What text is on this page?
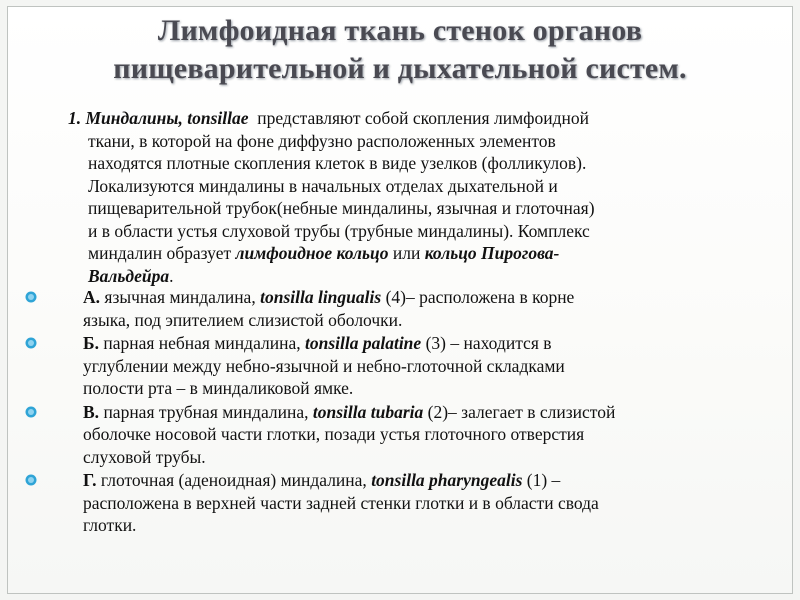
Лимфоидная ткань стенок органов
пищеварительной и дыхательной систем.
1. Миндалины, tonsillae  представляют собой скопления лимфоидной
ткани, в которой на фоне диффузно расположенных элементов
находятся плотные скопления клеток в виде узелков (фолликулов).
Локализуются миндалины в начальных отделах дыхательной и
пищеварительной трубок(небные миндалины, язычная и глоточная)
и в области устья слуховой трубы (трубные миндалины). Комплекс
миндалин образует лимфоидное кольцо или кольцо Пирогова-
Вальдейра.
А. язычная миндалина, tonsilla lingualis (4)– расположена в корне
языка, под эпителием слизистой оболочки.
Б. парная небная миндалина, tonsilla palatine (3) – находится в
углублении между небно-язычной и небно-глоточной складками
полости рта – в миндаликовой ямке.
В. парная трубная миндалина, tonsilla tubaria (2)– залегает в слизистой
оболочке носовой части глотки, позади устья глоточного отверстия
слуховой трубы.
Г. глоточная (аденоидная) миндалина, tonsilla pharyngealis (1) –
расположена в верхней части задней стенки глотки и в области свода
глотки.
